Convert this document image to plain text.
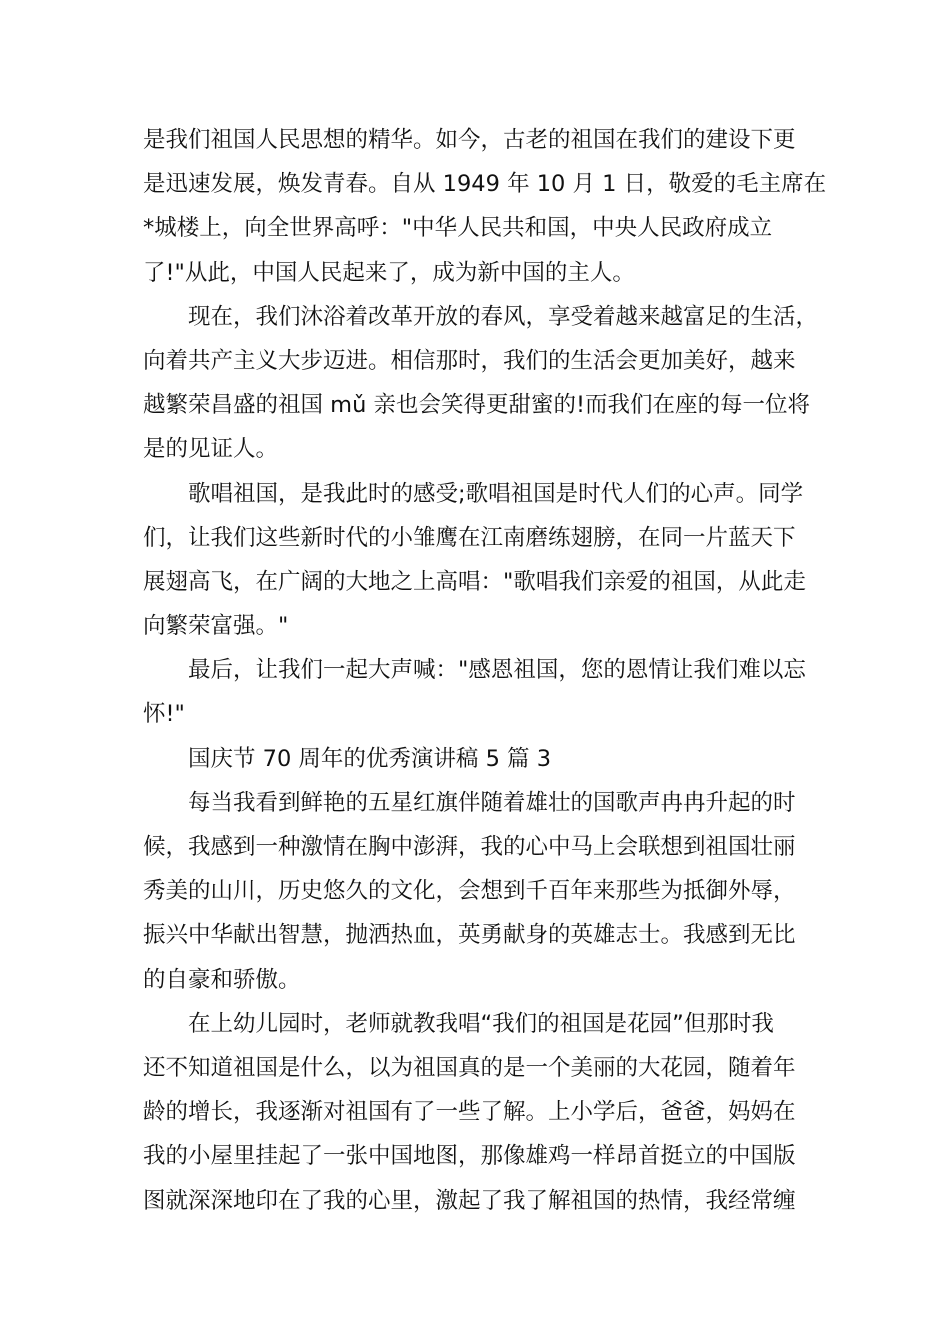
是我们祖国人民思想的精华。如今，古老的祖国在我们的建设下更
是迅速发展，焕发青春。自从 1949 年 10 月 1 日，敬爱的毛主席在
*城楼上，向全世界高呼："中华人民共和国，中央人民政府成立
了!"从此，中国人民起来了，成为新中国的主人。
现在，我们沐浴着改革开放的春风，享受着越来越富足的生活，
向着共产主义大步迈进。相信那时，我们的生活会更加美好，越来
越繁荣昌盛的祖国 mǔ 亲也会笑得更甜蜜的!而我们在座的每一位将
是的见证人。
歌唱祖国，是我此时的感受;歌唱祖国是时代人们的心声。同学
们，让我们这些新时代的小雏鹰在江南磨练翅膀，在同一片蓝天下
展翅高飞，在广阔的大地之上高唱："歌唱我们亲爱的祖国，从此走
向繁荣富强。"
最后，让我们一起大声喊："感恩祖国，您的恩情让我们难以忘
怀!"
国庆节 70 周年的优秀演讲稿 5 篇 3
每当我看到鲜艳的五星红旗伴随着雄壮的国歌声冉冉升起的时
候，我感到一种激情在胸中澎湃，我的心中马上会联想到祖国壮丽
秀美的山川，历史悠久的文化，会想到千百年来那些为抵御外辱，
振兴中华献出智慧，抛洒热血，英勇献身的英雄志士。我感到无比
的自豪和骄傲。
在上幼儿园时，老师就教我唱“我们的祖国是花园”但那时我
还不知道祖国是什么，以为祖国真的是一个美丽的大花园，随着年
龄的增长，我逐渐对祖国有了一些了解。上小学后，爸爸，妈妈在
我的小屋里挂起了一张中国地图，那像雄鸡一样昂首挺立的中国版
图就深深地印在了我的心里，激起了我了解祖国的热情，我经常缠
